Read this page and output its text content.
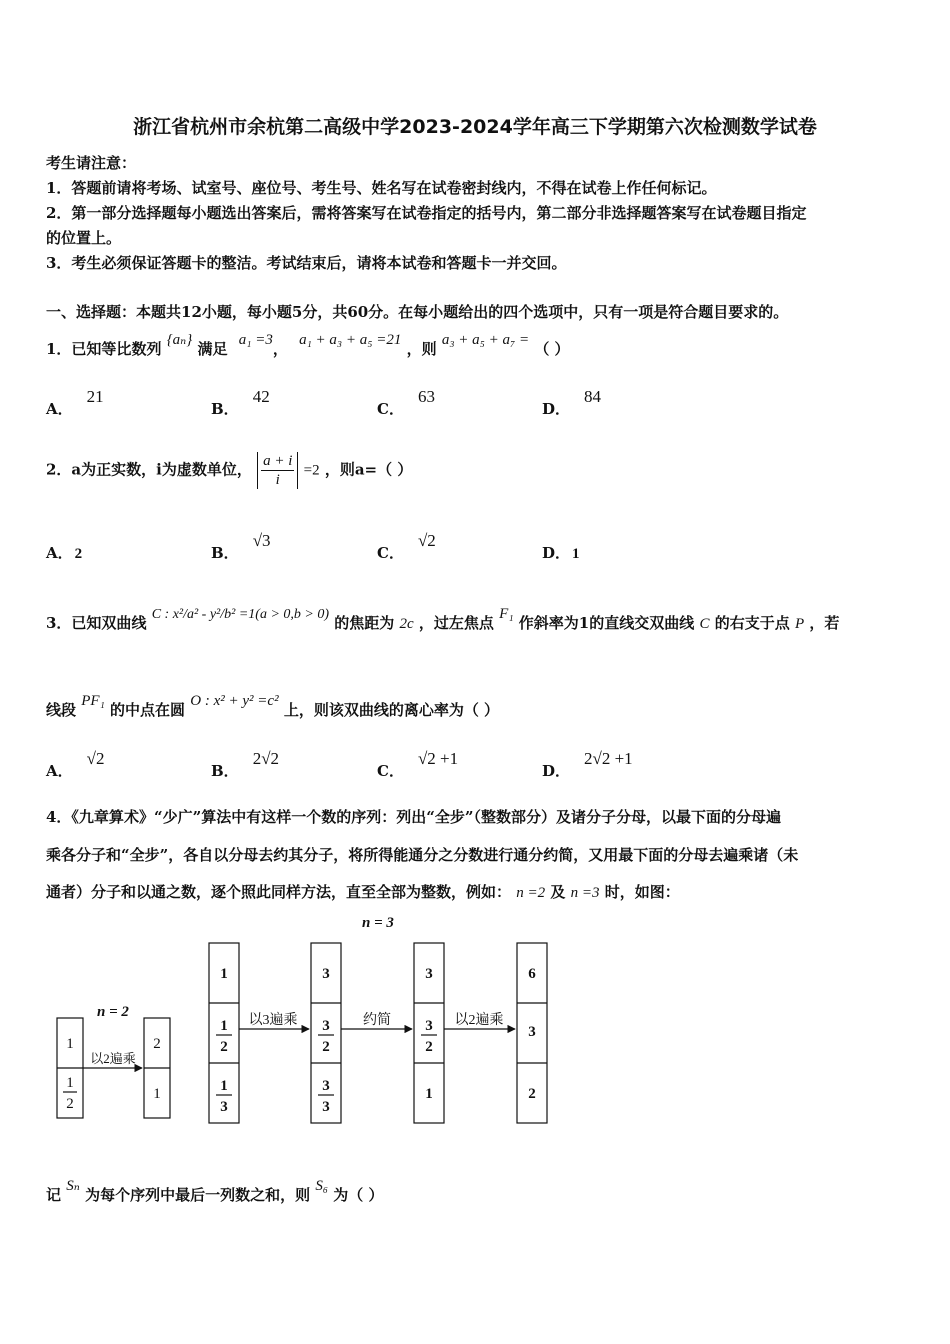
浙江省杭州市余杭第二高级中学2023-2024学年高三下学期第六次检测数学试卷
考生请注意：
1．答题前请将考场、试室号、座位号、考生号、姓名写在试卷密封线内，不得在试卷上作任何标记。
2．第一部分选择题每小题选出答案后，需将答案写在试卷指定的括号内，第二部分非选择题答案写在试卷题目指定
的位置上。
3．考生必须保证答题卡的整洁。考试结束后，请将本试卷和答题卡一并交回。
一、选择题：本题共12小题，每小题5分，共60分。在每小题给出的四个选项中，只有一项是符合题目要求的。
1．已知等比数列 {aₙ} 满足 a₁ =3， a₁ + a₃ + a₅ =21 ，则 a₃ + a₅ + a₇ = （ ）
A．21
B．42
C．63
D．84
2．a为正实数，i为虚数单位， $\frac{a + i}{i} =2$ ，则a=（ ）
A． 2	B．√3
C．√2
D． 1
3．已知双曲线 C : x²/a² - y²/b² =1(a > 0,b > 0) 的焦距为 2c ，过左焦点 F₁ 作斜率为1的直线交双曲线 C 的右支于点 P ，若
线段 PF₁ 的中点在圆 O : x² + y² =c² 上，则该双曲线的离心率为（ ）
A．√2
B．2√2
C．√2 +1
D．2√2 +1
4．《九章算术》“少广”算法中有这样一个数的序列：列出“全步”（整数部分）及诸分子分母，以最下面的分母遍
乘各分子和“全步”，各自以分母去约其分子，将所得能通分之分数进行通分约简，又用最下面的分母去遍乘诸（未
通者）分子和以通之数，逐个照此同样方法，直至全部为整数，例如： n =2 及 n =3 时，如图：
n = 2
n = 3
以2遍乘
以3遍乘	约简	以2遍乘
1
1
2
2
1
1
1
2
1
3
3
3
2
3
3
3
3
2
1
6
3
2
记 Sₙ 为每个序列中最后一列数之和，则 S₆ 为（ ）
